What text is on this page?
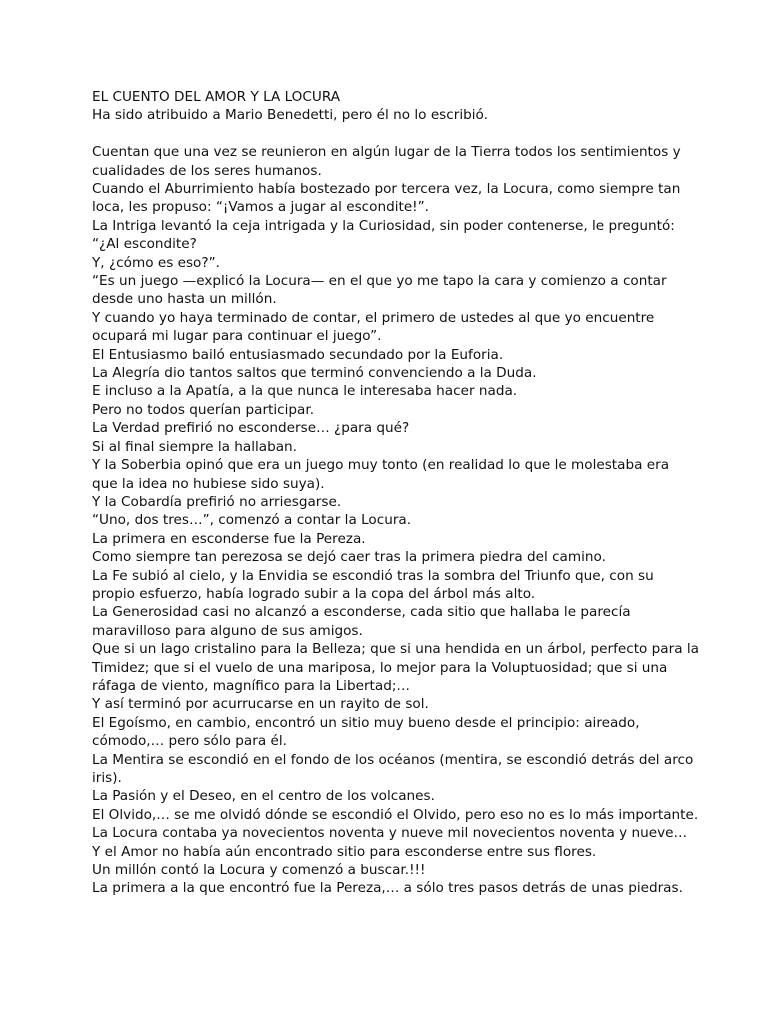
EL CUENTO DEL AMOR Y LA LOCURA

Ha sido atribuido a Mario Benedetti, pero él no lo escribió.

Cuentan que una vez se reunieron en algún lugar de la Tierra todos los sentimientos y

cualidades de los seres humanos.

Cuando el Aburrimiento había bostezado por tercera vez, la Locura, como siempre tan

loca, les propuso: “¡Vamos a jugar al escondite!”.

La Intriga levantó la ceja intrigada y la Curiosidad, sin poder contenerse, le preguntó:

“¿Al escondite?

Y, ¿cómo es eso?”.

“Es un juego —explicó la Locura— en el que yo me tapo la cara y comienzo a contar

desde uno hasta un millón.

Y cuando yo haya terminado de contar, el primero de ustedes al que yo encuentre

ocupará mi lugar para continuar el juego”.

El Entusiasmo bailó entusiasmado secundado por la Euforia.

La Alegría dio tantos saltos que terminó convenciendo a la Duda.

E incluso a la Apatía, a la que nunca le interesaba hacer nada.

Pero no todos querían participar.

La Verdad prefirió no esconderse… ¿para qué?

Si al final siempre la hallaban.

Y la Soberbia opinó que era un juego muy tonto (en realidad lo que le molestaba era

que la idea no hubiese sido suya).

Y la Cobardía prefirió no arriesgarse.

“Uno, dos tres…”, comenzó a contar la Locura.

La primera en esconderse fue la Pereza.

Como siempre tan perezosa se dejó caer tras la primera piedra del camino.

La Fe subió al cielo, y la Envidia se escondió tras la sombra del Triunfo que, con su

propio esfuerzo, había logrado subir a la copa del árbol más alto.

La Generosidad casi no alcanzó a esconderse, cada sitio que hallaba le parecía

maravilloso para alguno de sus amigos.

Que si un lago cristalino para la Belleza; que si una hendida en un árbol, perfecto para la

Timidez; que si el vuelo de una mariposa, lo mejor para la Voluptuosidad; que si una

ráfaga de viento, magnífico para la Libertad;…

Y así terminó por acurrucarse en un rayito de sol.

El Egoísmo, en cambio, encontró un sitio muy bueno desde el principio: aireado,

cómodo,… pero sólo para él.

La Mentira se escondió en el fondo de los océanos (mentira, se escondió detrás del arco

iris).

La Pasión y el Deseo, en el centro de los volcanes.

El Olvido,… se me olvidó dónde se escondió el Olvido, pero eso no es lo más importante.

La Locura contaba ya novecientos noventa y nueve mil novecientos noventa y nueve…

Y el Amor no había aún encontrado sitio para esconderse entre sus flores.

Un millón contó la Locura y comenzó a buscar.!!!

La primera a la que encontró fue la Pereza,… a sólo tres pasos detrás de unas piedras.
